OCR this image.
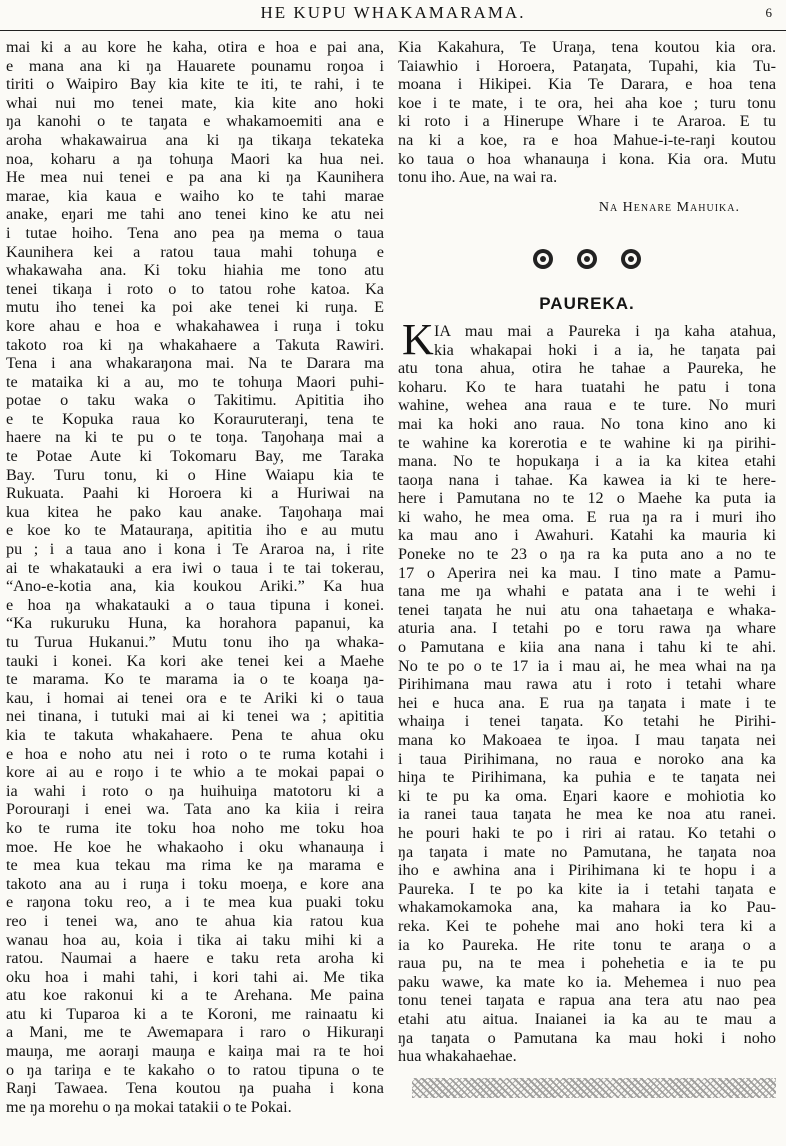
HE KUPU WHAKAMARAMA.	6
mai ki a au kore he kaha, otira e hoa e pai ana,
e mana ana ki ŋa Hauarete pounamu roŋoa i
tiriti o Waipiro Bay kia kite te iti, te rahi, i te
whai nui mo tenei mate, kia kite ano hoki
ŋa kanohi o te taŋata e whakamoemiti ana e
aroha whakawairua ana ki ŋa tikaŋa tekateka
noa, koharu a ŋa tohuŋa Maori ka hua nei.
He mea nui tenei e pa ana ki ŋa Kaunihera
marae, kia kaua e waiho ko te tahi marae
anake, eŋari me tahi ano tenei kino ke atu nei
i tutae hoiho. Tena ano pea ŋa mema o taua
Kaunihera kei a ratou taua mahi tohuŋa e
whakawaha ana. Ki toku hiahia me tono atu
tenei tikaŋa i roto o to tatou rohe katoa. Ka
mutu iho tenei ka poi ake tenei ki ruŋa. E
kore ahau e hoa e whakahawea i ruŋa i toku
takoto roa ki ŋa whakahaere a Takuta Rawiri.
Tena i ana whakaraŋona mai. Na te Darara ma
te mataika ki a au, mo te tohuŋa Maori puhi-
potae o taku waka o Takitimu. Apititia iho
e te Kopuka raua ko Korauruteraŋi, tena te
haere na ki te pu o te toŋa. Taŋohaŋa mai a
te Potae Aute ki Tokomaru Bay, me Taraka
Bay. Turu tonu, ki o Hine Waiapu kia te
Rukuata. Paahi ki Horoera ki a Huriwai na
kua kitea he pako kau anake. Taŋohaŋa mai
e koe ko te Matauraŋa, apititia iho e au mutu
pu ; i a taua ano i kona i Te Araroa na, i rite
ai te whakatauki a era iwi o taua i te tai tokerau,
“Ano-e-kotia ana, kia koukou Ariki.” Ka hua
e hoa ŋa whakatauki a o taua tipuna i konei.
“Ka rukuruku Huna, ka horahora papanui, ka
tu Turua Hukanui.” Mutu tonu iho ŋa whaka-
tauki i konei. Ka kori ake tenei kei a Maehe
te marama. Ko te marama ia o te koaŋa ŋa-
kau, i homai ai tenei ora e te Ariki ki o taua
nei tinana, i tutuki mai ai ki tenei wa ; apititia
kia te takuta whakahaere. Pena te ahua oku
e hoa e noho atu nei i roto o te ruma kotahi i
kore ai au e roŋo i te whio a te mokai papai o
ia wahi i roto o ŋa huihuiŋa matotoru ki a
Porouraŋi i enei wa. Tata ano ka kiia i reira
ko te ruma ite toku hoa noho me toku hoa
moe. He koe he whakaoho i oku whanauŋa i
te mea kua tekau ma rima ke ŋa marama e
takoto ana au i ruŋa i toku moeŋa, e kore ana
e raŋona toku reo, a i te mea kua puaki toku
reo i tenei wa, ano te ahua kia ratou kua
wanau hoa au, koia i tika ai taku mihi ki a
ratou. Naumai a haere e taku reta aroha ki
oku hoa i mahi tahi, i kori tahi ai. Me tika
atu koe rakonui ki a te Arehana. Me paina
atu ki Tuparoa ki a te Koroni, me rainaatu ki
a Mani, me te Awemapara i raro o Hikuraŋi
mauŋa, me aoraŋi mauŋa e kaiŋa mai ra te hoi
o ŋa tariŋa e te kakaho o to ratou tipuna o te
Raŋi Tawaea. Tena koutou ŋa puaha i kona
me ŋa morehu o ŋa mokai tatakii o te Pokai.
Kia Kakahura, Te Uraŋa, tena koutou kia ora.
Taiawhio i Horoera, Pataŋata, Tupahi, kia Tu-
moana i Hikipei. Kia Te Darara, e hoa tena
koe i te mate, i te ora, hei aha koe ; turu tonu
ki roto i a Hinerupe Whare i te Araroa. E tu
na ki a koe, ra e hoa Mahue-i-te-raŋi koutou
ko taua o hoa whanauŋa i kona. Kia ora. Mutu
tonu iho. Aue, na wai ra.
Na Henare Mahuika.
PAUREKA.
K IA mau mai a Paureka i ŋa kaha atahua,
kia whakapai hoki i a ia, he taŋata pai
atu tona ahua, otira he tahae a Paureka, he
koharu. Ko te hara tuatahi he patu i tona
wahine, wehea ana raua e te ture. No muri
mai ka hoki ano raua. No tona kino ano ki
te wahine ka korerotia e te wahine ki ŋa pirihi-
mana. No te hopukaŋa i a ia ka kitea etahi
taoŋa nana i tahae. Ka kawea ia ki te here-
here i Pamutana no te 12 o Maehe ka puta ia
ki waho, he mea oma. E rua ŋa ra i muri iho
ka mau ano i Awahuri. Katahi ka mauria ki
Poneke no te 23 o ŋa ra ka puta ano a no te
17 o Aperira nei ka mau. I tino mate a Pamu-
tana me ŋa whahi e patata ana i te wehi i
tenei taŋata he nui atu ona tahaetaŋa e whaka-
aturia ana. I tetahi po e toru rawa ŋa whare
o Pamutana e kiia ana nana i tahu ki te ahi.
No te po o te 17 ia i mau ai, he mea whai na ŋa
Pirihimana mau rawa atu i roto i tetahi whare
hei e huca ana. E rua ŋa taŋata i mate i te
whaiŋa i tenei taŋata. Ko tetahi he Pirihi-
mana ko Makoaea te iŋoa. I mau taŋata nei
i taua Pirihimana, no raua e noroko ana ka
hiŋa te Pirihimana, ka puhia e te taŋata nei
ki te pu ka oma. Eŋari kaore e mohiotia ko
ia ranei taua taŋata he mea ke noa atu ranei.
he pouri haki te po i riri ai ratau. Ko tetahi o
ŋa taŋata i mate no Pamutana, he taŋata noa
iho e awhina ana i Pirihimana ki te hopu i a
Paureka. I te po ka kite ia i tetahi taŋata e
whakamokamoka ana, ka mahara ia ko Pau-
reka. Kei te pohehe mai ano hoki tera ki a
ia ko Paureka. He rite tonu te araŋa o a
raua pu, na te mea i pohehetia e ia te pu
paku wawe, ka mate ko ia. Mehemea i nuo pea
tonu tenei taŋata e rapua ana tera atu nao pea
etahi atu aitua. Inaianei ia ka au te mau a
ŋa taŋata o Pamutana ka mau hoki i noho
hua whakahaehae.
